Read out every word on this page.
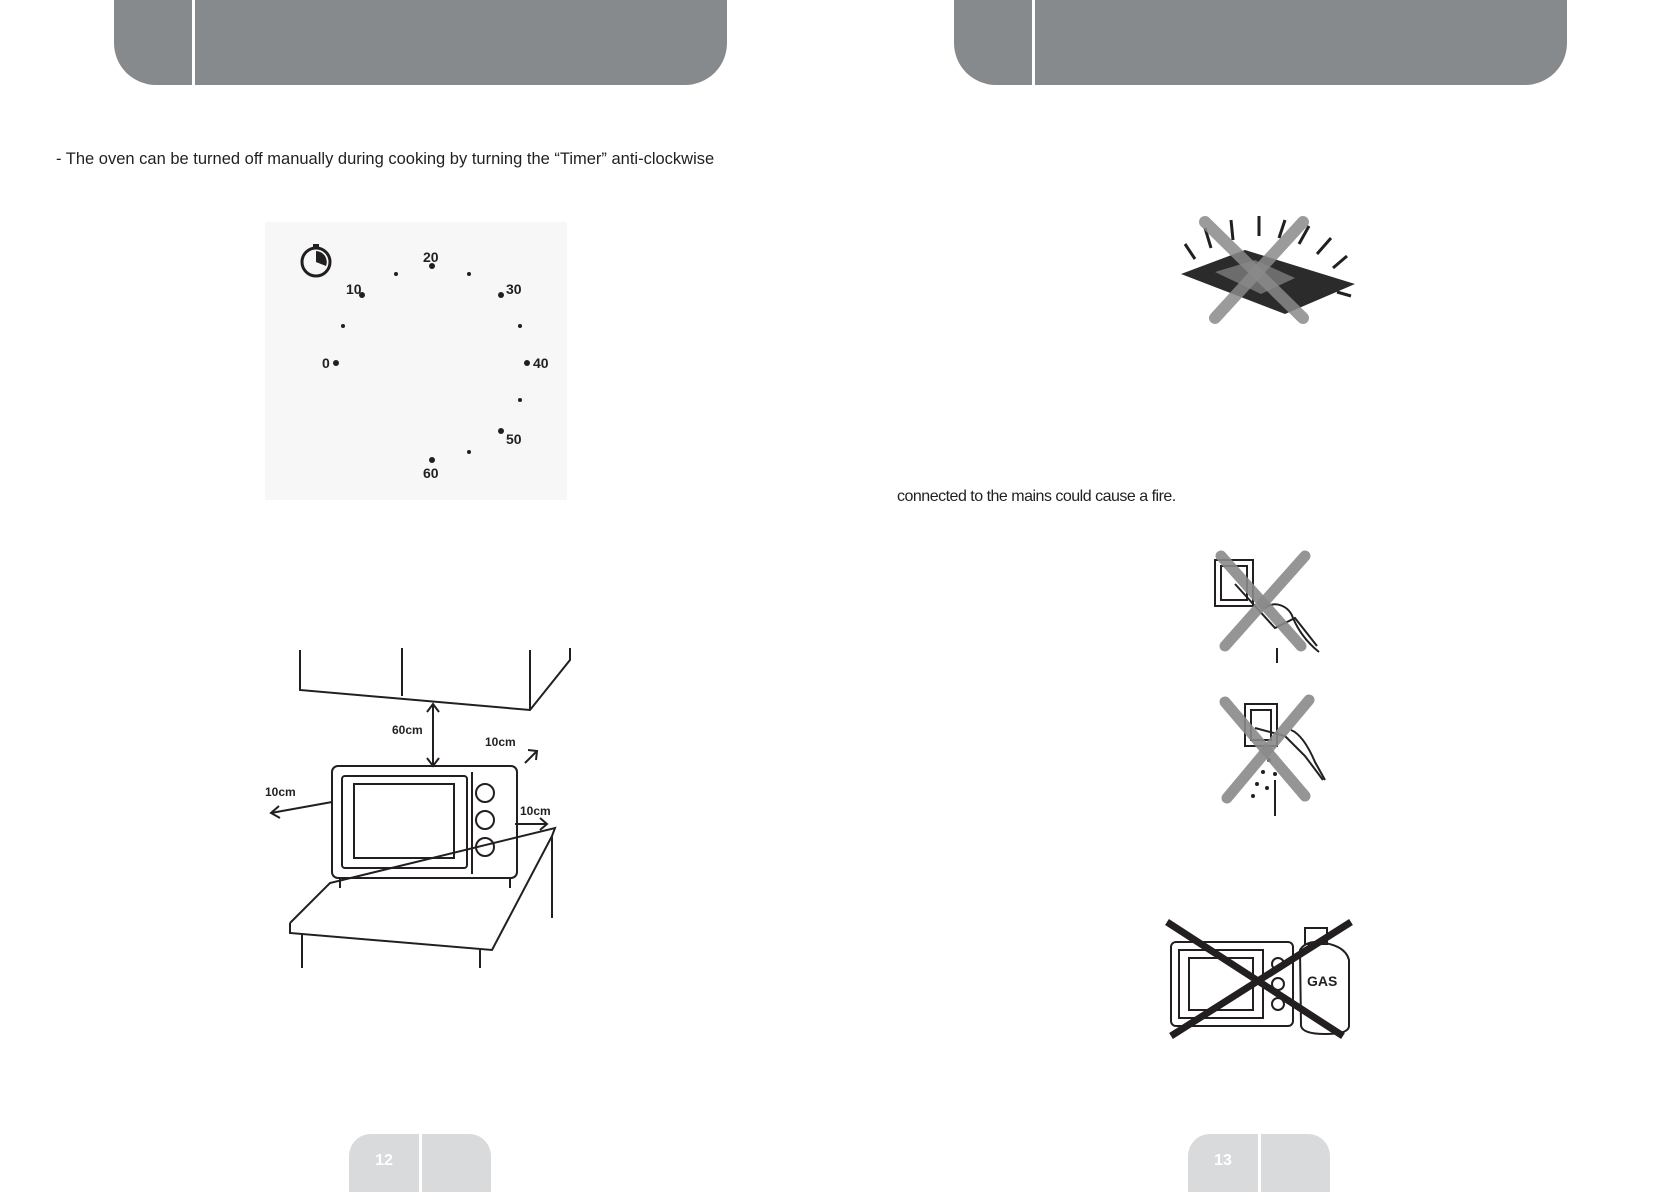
- The oven can be turned off manually during cooking by turning the “Timer” anti-clockwise
0
10
20
30
40
50
60
60cm
10cm
10cm
10cm
connected to the mains could cause a fire.
GAS
12	13
